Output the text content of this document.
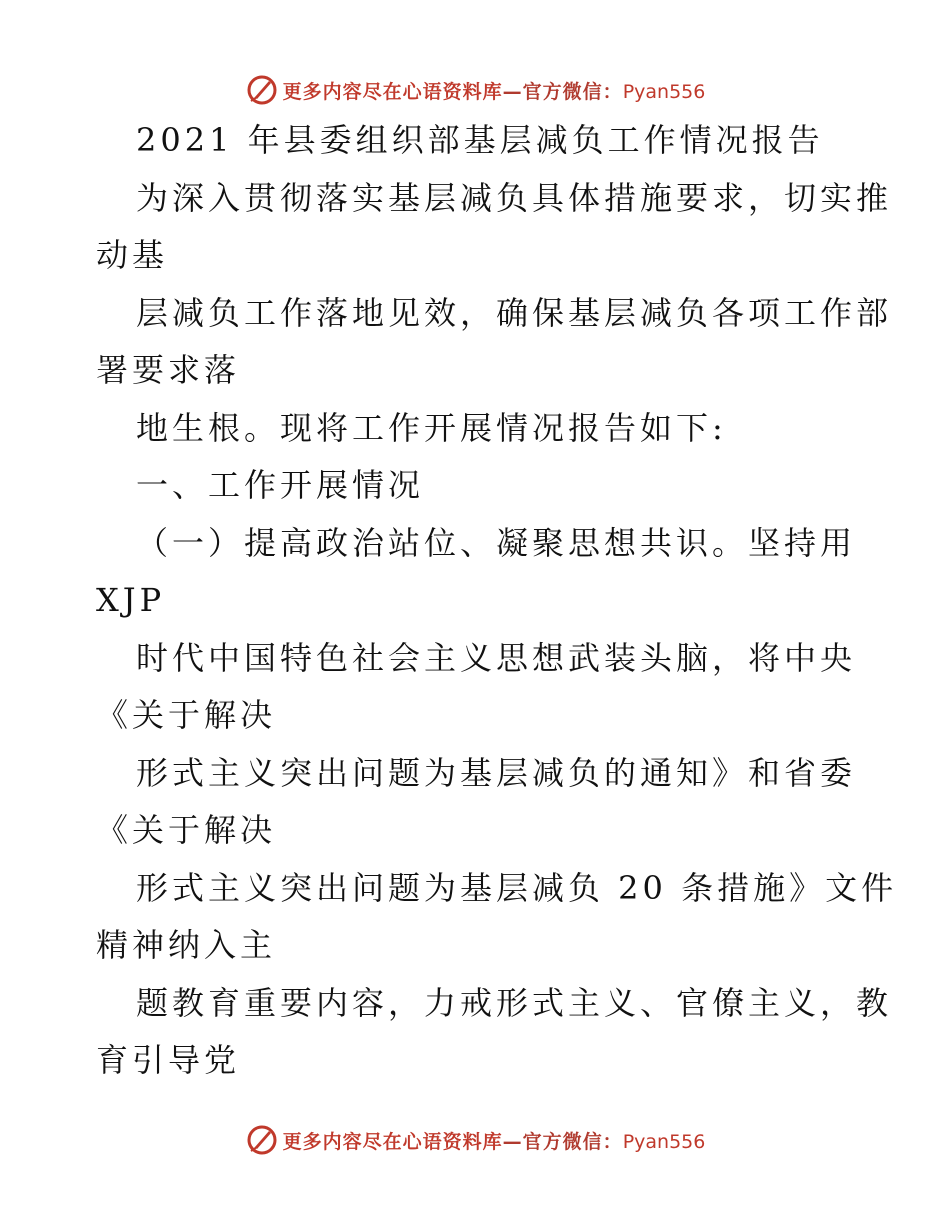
更多内容尽在心语资料库—官方微信：Pyan556
2021 年县委组织部基层减负工作情况报告
为深入贯彻落实基层减负具体措施要求，切实推
动基
层减负工作落地见效，确保基层减负各项工作部
署要求落
地生根。现将工作开展情况报告如下:
一、工作开展情况
（一）提高政治站位、凝聚思想共识。坚持用
XJP
时代中国特色社会主义思想武装头脑，将中央
《关于解决
形式主义突出问题为基层减负的通知》和省委
《关于解决
形式主义突出问题为基层减负 20 条措施》文件
精神纳入主
题教育重要内容，力戒形式主义、官僚主义，教
育引导党
更多内容尽在心语资料库—官方微信：Pyan556
